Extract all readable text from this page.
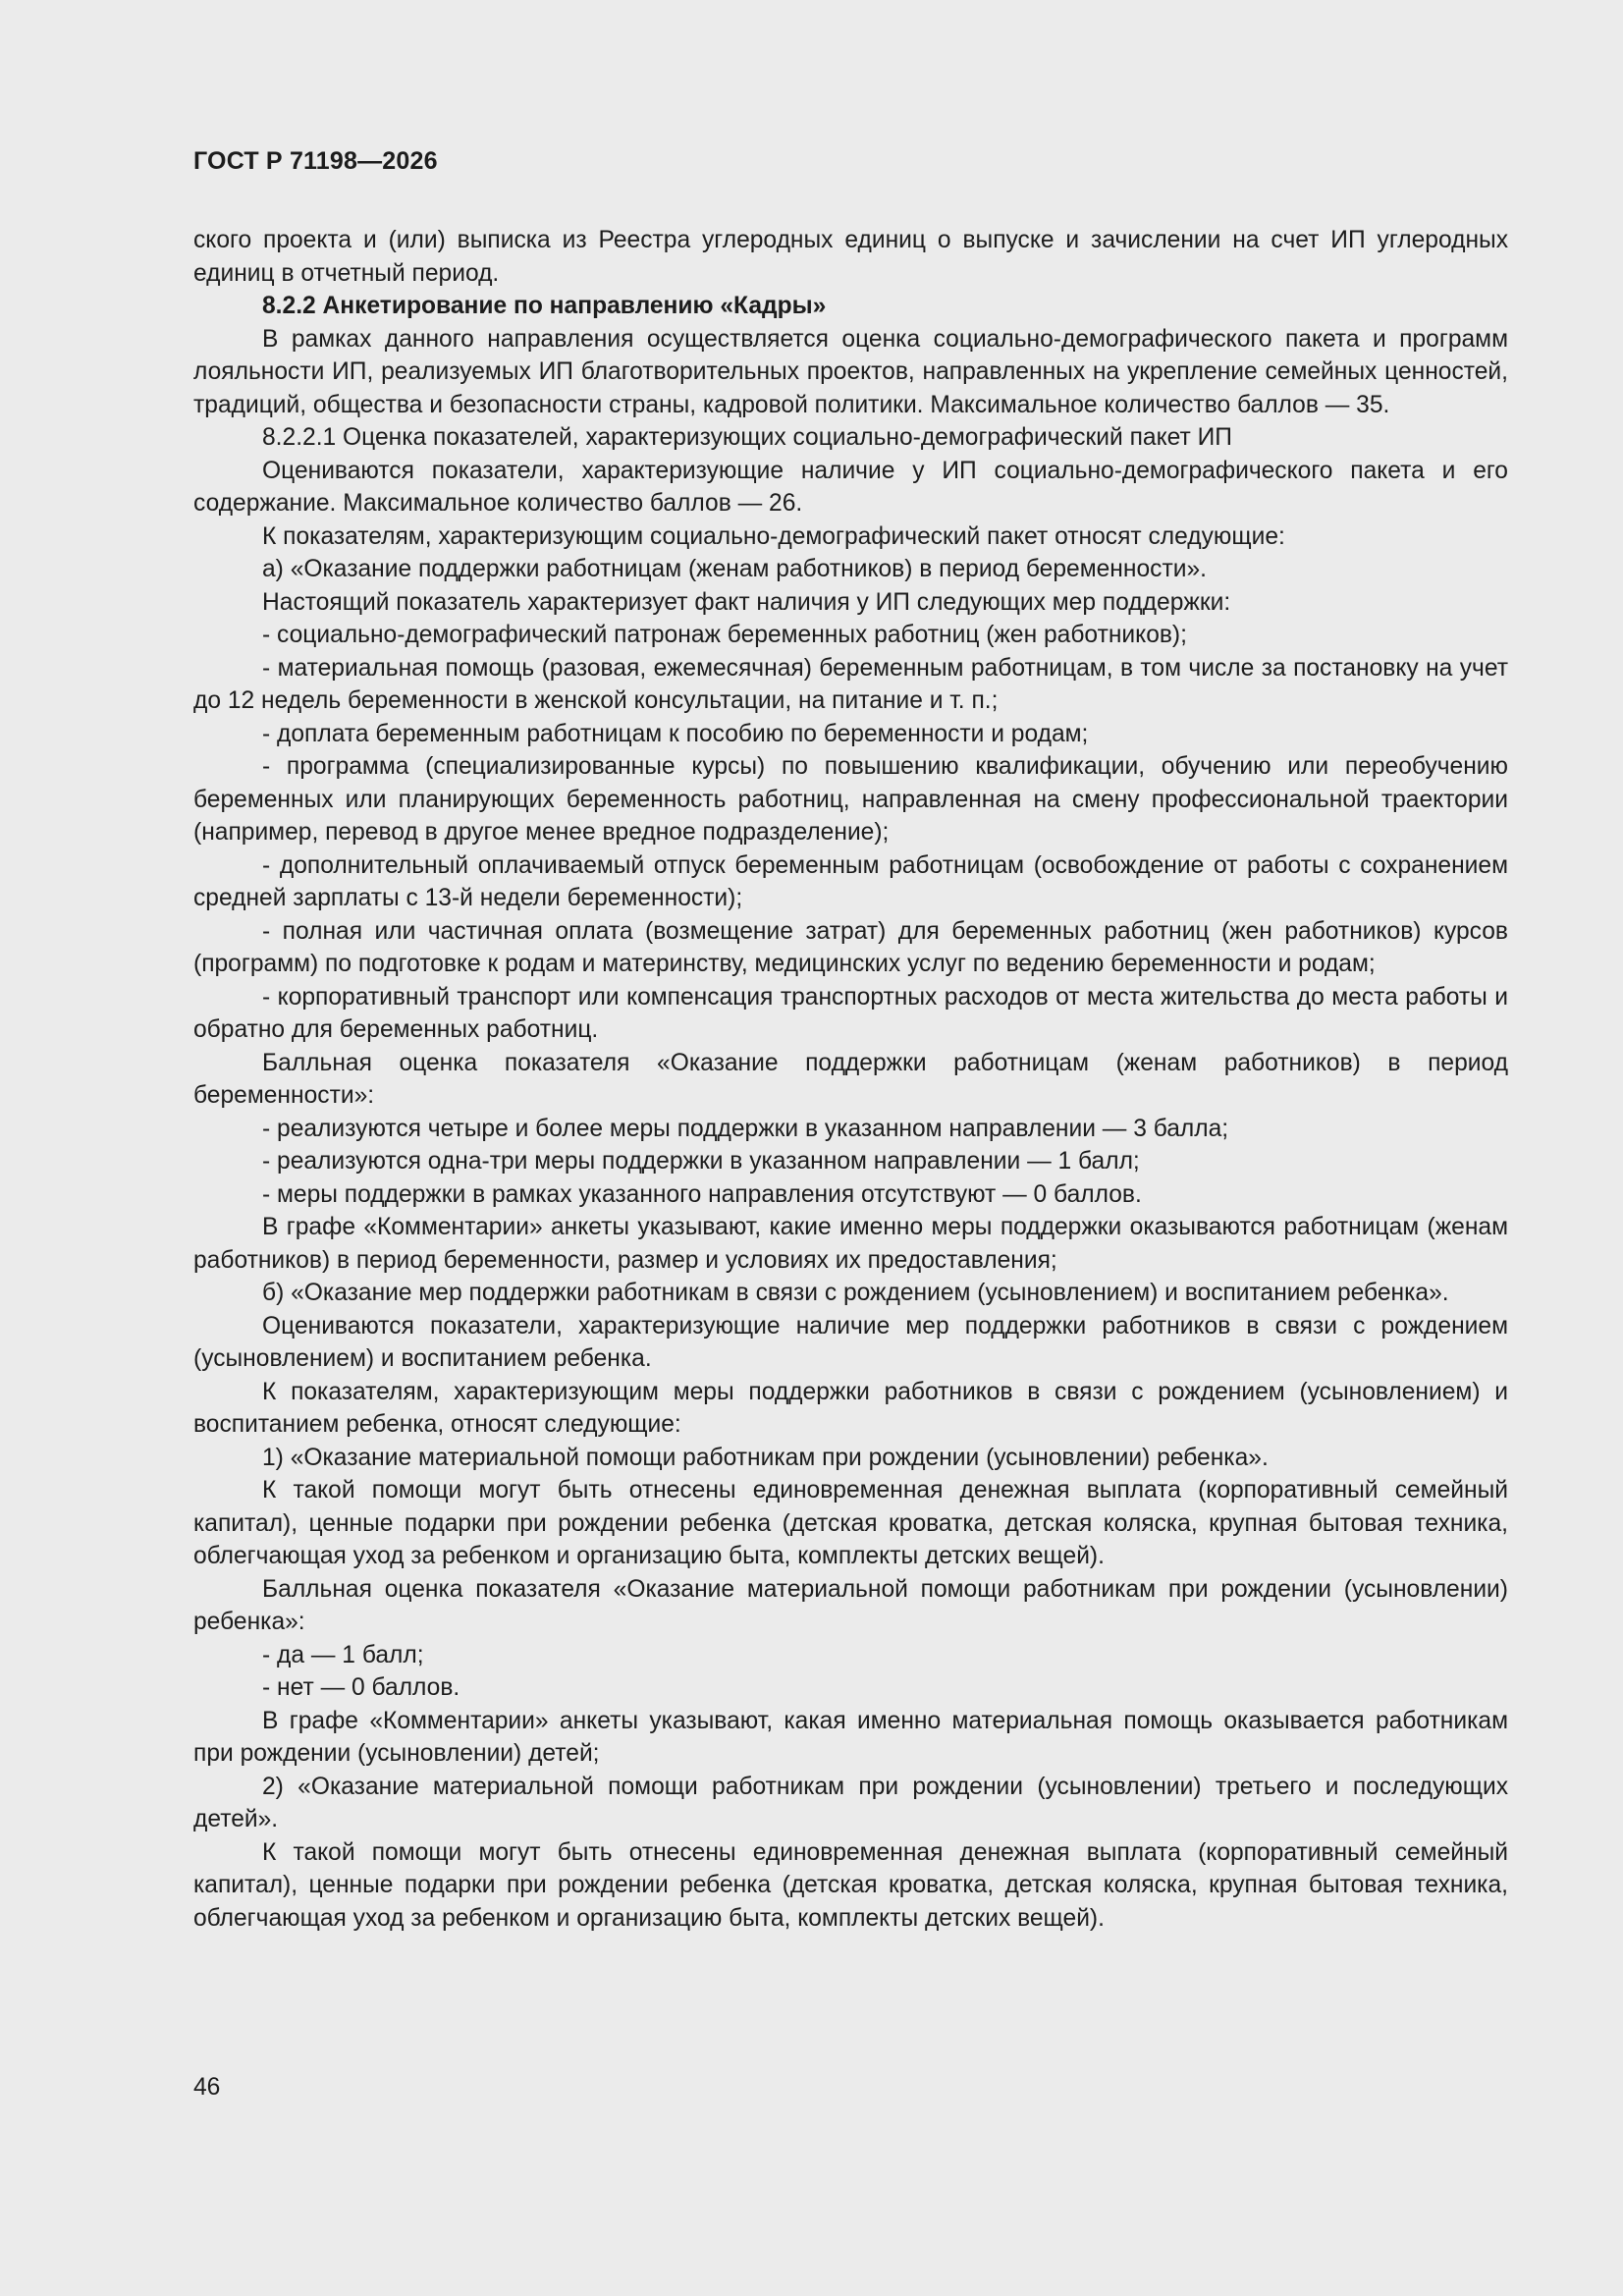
ГОСТ Р 71198—2026

ского проекта и (или) выписка из Реестра углеродных единиц о выпуске и зачислении на счет ИП углеродных единиц в отчетный период.

8.2.2 Анкетирование по направлению «Кадры»

В рамках данного направления осуществляется оценка социально-демографического пакета и программ лояльности ИП, реализуемых ИП благотворительных проектов, направленных на укрепление семейных ценностей, традиций, общества и безопасности страны, кадровой политики. Максимальное количество баллов — 35.

8.2.2.1 Оценка показателей, характеризующих социально-демографический пакет ИП

Оцениваются показатели, характеризующие наличие у ИП социально-демографического пакета и его содержание. Максимальное количество баллов — 26.

К показателям, характеризующим социально-демографический пакет относят следующие:

а) «Оказание поддержки работницам (женам работников) в период беременности».

Настоящий показатель характеризует факт наличия у ИП следующих мер поддержки:

- социально-демографический патронаж беременных работниц (жен работников);

- материальная помощь (разовая, ежемесячная) беременным работницам, в том числе за постановку на учет до 12 недель беременности в женской консультации, на питание и т. п.;

- доплата беременным работницам к пособию по беременности и родам;

- программа (специализированные курсы) по повышению квалификации, обучению или переобучению беременных или планирующих беременность работниц, направленная на смену профессиональной траектории (например, перевод в другое менее вредное подразделение);

- дополнительный оплачиваемый отпуск беременным работницам (освобождение от работы с сохранением средней зарплаты с 13-й недели беременности);

- полная или частичная оплата (возмещение затрат) для беременных работниц (жен работников) курсов (программ) по подготовке к родам и материнству, медицинских услуг по ведению беременности и родам;

- корпоративный транспорт или компенсация транспортных расходов от места жительства до места работы и обратно для беременных работниц.

Балльная оценка показателя «Оказание поддержки работницам (женам работников) в период беременности»:

- реализуются четыре и более меры поддержки в указанном направлении — 3 балла;

- реализуются одна-три меры поддержки в указанном направлении — 1 балл;

- меры поддержки в рамках указанного направления отсутствуют — 0 баллов.

В графе «Комментарии» анкеты указывают, какие именно меры поддержки оказываются работницам (женам работников) в период беременности, размер и условиях их предоставления;

б) «Оказание мер поддержки работникам в связи с рождением (усыновлением) и воспитанием ребенка».

Оцениваются показатели, характеризующие наличие мер поддержки работников в связи с рождением (усыновлением) и воспитанием ребенка.

К показателям, характеризующим меры поддержки работников в связи с рождением (усыновлением) и воспитанием ребенка, относят следующие:

1) «Оказание материальной помощи работникам при рождении (усыновлении) ребенка».

К такой помощи могут быть отнесены единовременная денежная выплата (корпоративный семейный капитал), ценные подарки при рождении ребенка (детская кроватка, детская коляска, крупная бытовая техника, облегчающая уход за ребенком и организацию быта, комплекты детских вещей).

Балльная оценка показателя «Оказание материальной помощи работникам при рождении (усыновлении) ребенка»:

- да — 1 балл;

- нет — 0 баллов.

В графе «Комментарии» анкеты указывают, какая именно материальная помощь оказывается работникам при рождении (усыновлении) детей;

2) «Оказание материальной помощи работникам при рождении (усыновлении) третьего и последующих детей».

К такой помощи могут быть отнесены единовременная денежная выплата (корпоративный семейный капитал), ценные подарки при рождении ребенка (детская кроватка, детская коляска, крупная бытовая техника, облегчающая уход за ребенком и организацию быта, комплекты детских вещей).

46
